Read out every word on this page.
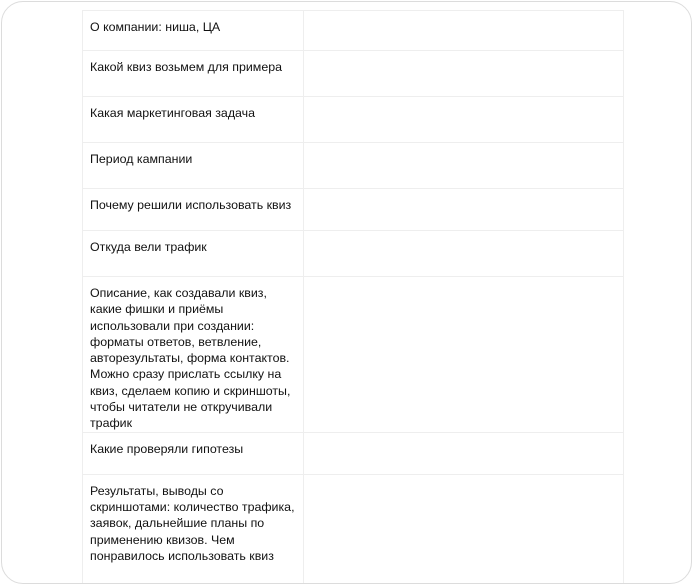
О компании: ниша, ЦА	
Какой квиз возьмем для примера	
Какая маркетинговая задача	
Период кампании	
Почему решили использовать квиз	
Откуда вели трафик	
Описание, как создавали квиз, какие фишки и приёмы использовали при создании: форматы ответов, ветвление, авторезультаты, форма контактов. Можно сразу прислать ссылку на квиз, сделаем копию и скриншоты, чтобы читатели не откручивали трафик	
Какие проверяли гипотезы	
Результаты, выводы со скриншотами: количество трафика, заявок, дальнейшие планы по применению квизов. Чем понравилось использовать квиз	
